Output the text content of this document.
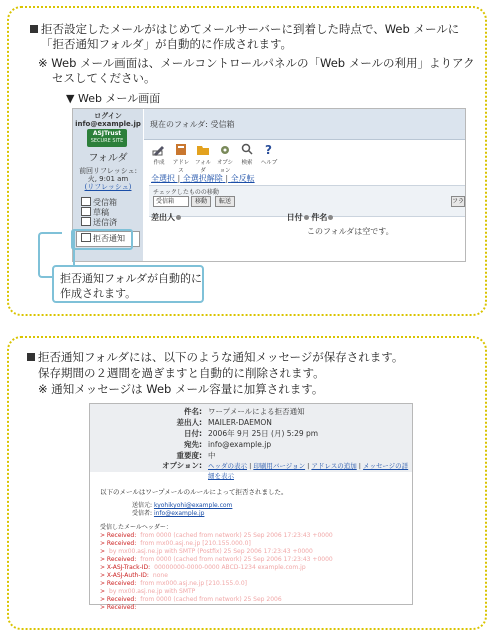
拒否設定したメールがはじめてメールサーバーに到着した時点で、Web メールに
「拒否通知フォルダ」が自動的に作成されます。
※ Web メール画面は、メールコントロールパネルの「Web メールの利用」よりアク
セスしてください。
▼ Web メール画面
ログイン
info@example.jp
ASJTrust
SECURE SITE
フォルダ
前回リフレッシュ:
火, 9:01 am
(リフレッシュ)
受信箱
草稿
送信済
拒否通知
現在のフォルダ: 受信箱
作成	アドレス
フォルダ
オプション
検索
?
ヘルプ
全選択 | 全選択解除 | 全反転
チェックしたものの移動
受信箱	移動	転送	フラ
差出人	日付 件名
このフォルダは空です。
拒否通知フォルダが自動的に
作成されます。
拒否通知フォルダには、以下のような通知メッセージが保存されます。
保存期間の２週間を過ぎますと自動的に削除されます。
※ 通知メッセージは Web メール容量に加算されます。
件名: ワープメールによる拒否通知
差出人: MAILER-DAEMON
日付: 2006年 9月 25日 (月) 5:29 pm
宛先: info@example.jp
重要度: 中
オプション: ヘッダの表示 | 印刷用バージョン | アドレスの追加 | メッセージの詳細を表示
以下のメールはワープメールのルールによって拒否されました。
送信元: kyohikyohi@example.com
受信者: info@example.jp
受信したメールヘッダー：
> Received: from 0000 (cached from network) 25 Sep 2006 17:23:43 +0000
> Received: from mx00.asj.ne.jp [210.155.000.0]
> by mx00.asj.ne.jp with SMTP (Postfix) 25 Sep 2006 17:23:43 +0000
> Received: from 0000 (cached from network) 25 Sep 2006 17:23:43 +0000
> X-ASJ-Track-ID: 00000000-0000-0000 ABCD-1234 example.com.jp
> X-ASJ-Auth-ID: none
> Received: from mx000.asj.ne.jp [210.155.0.0]
> by mx00.asj.ne.jp with SMTP
> Received: from 0000 (cached from network) 25 Sep 2006
> Received:
